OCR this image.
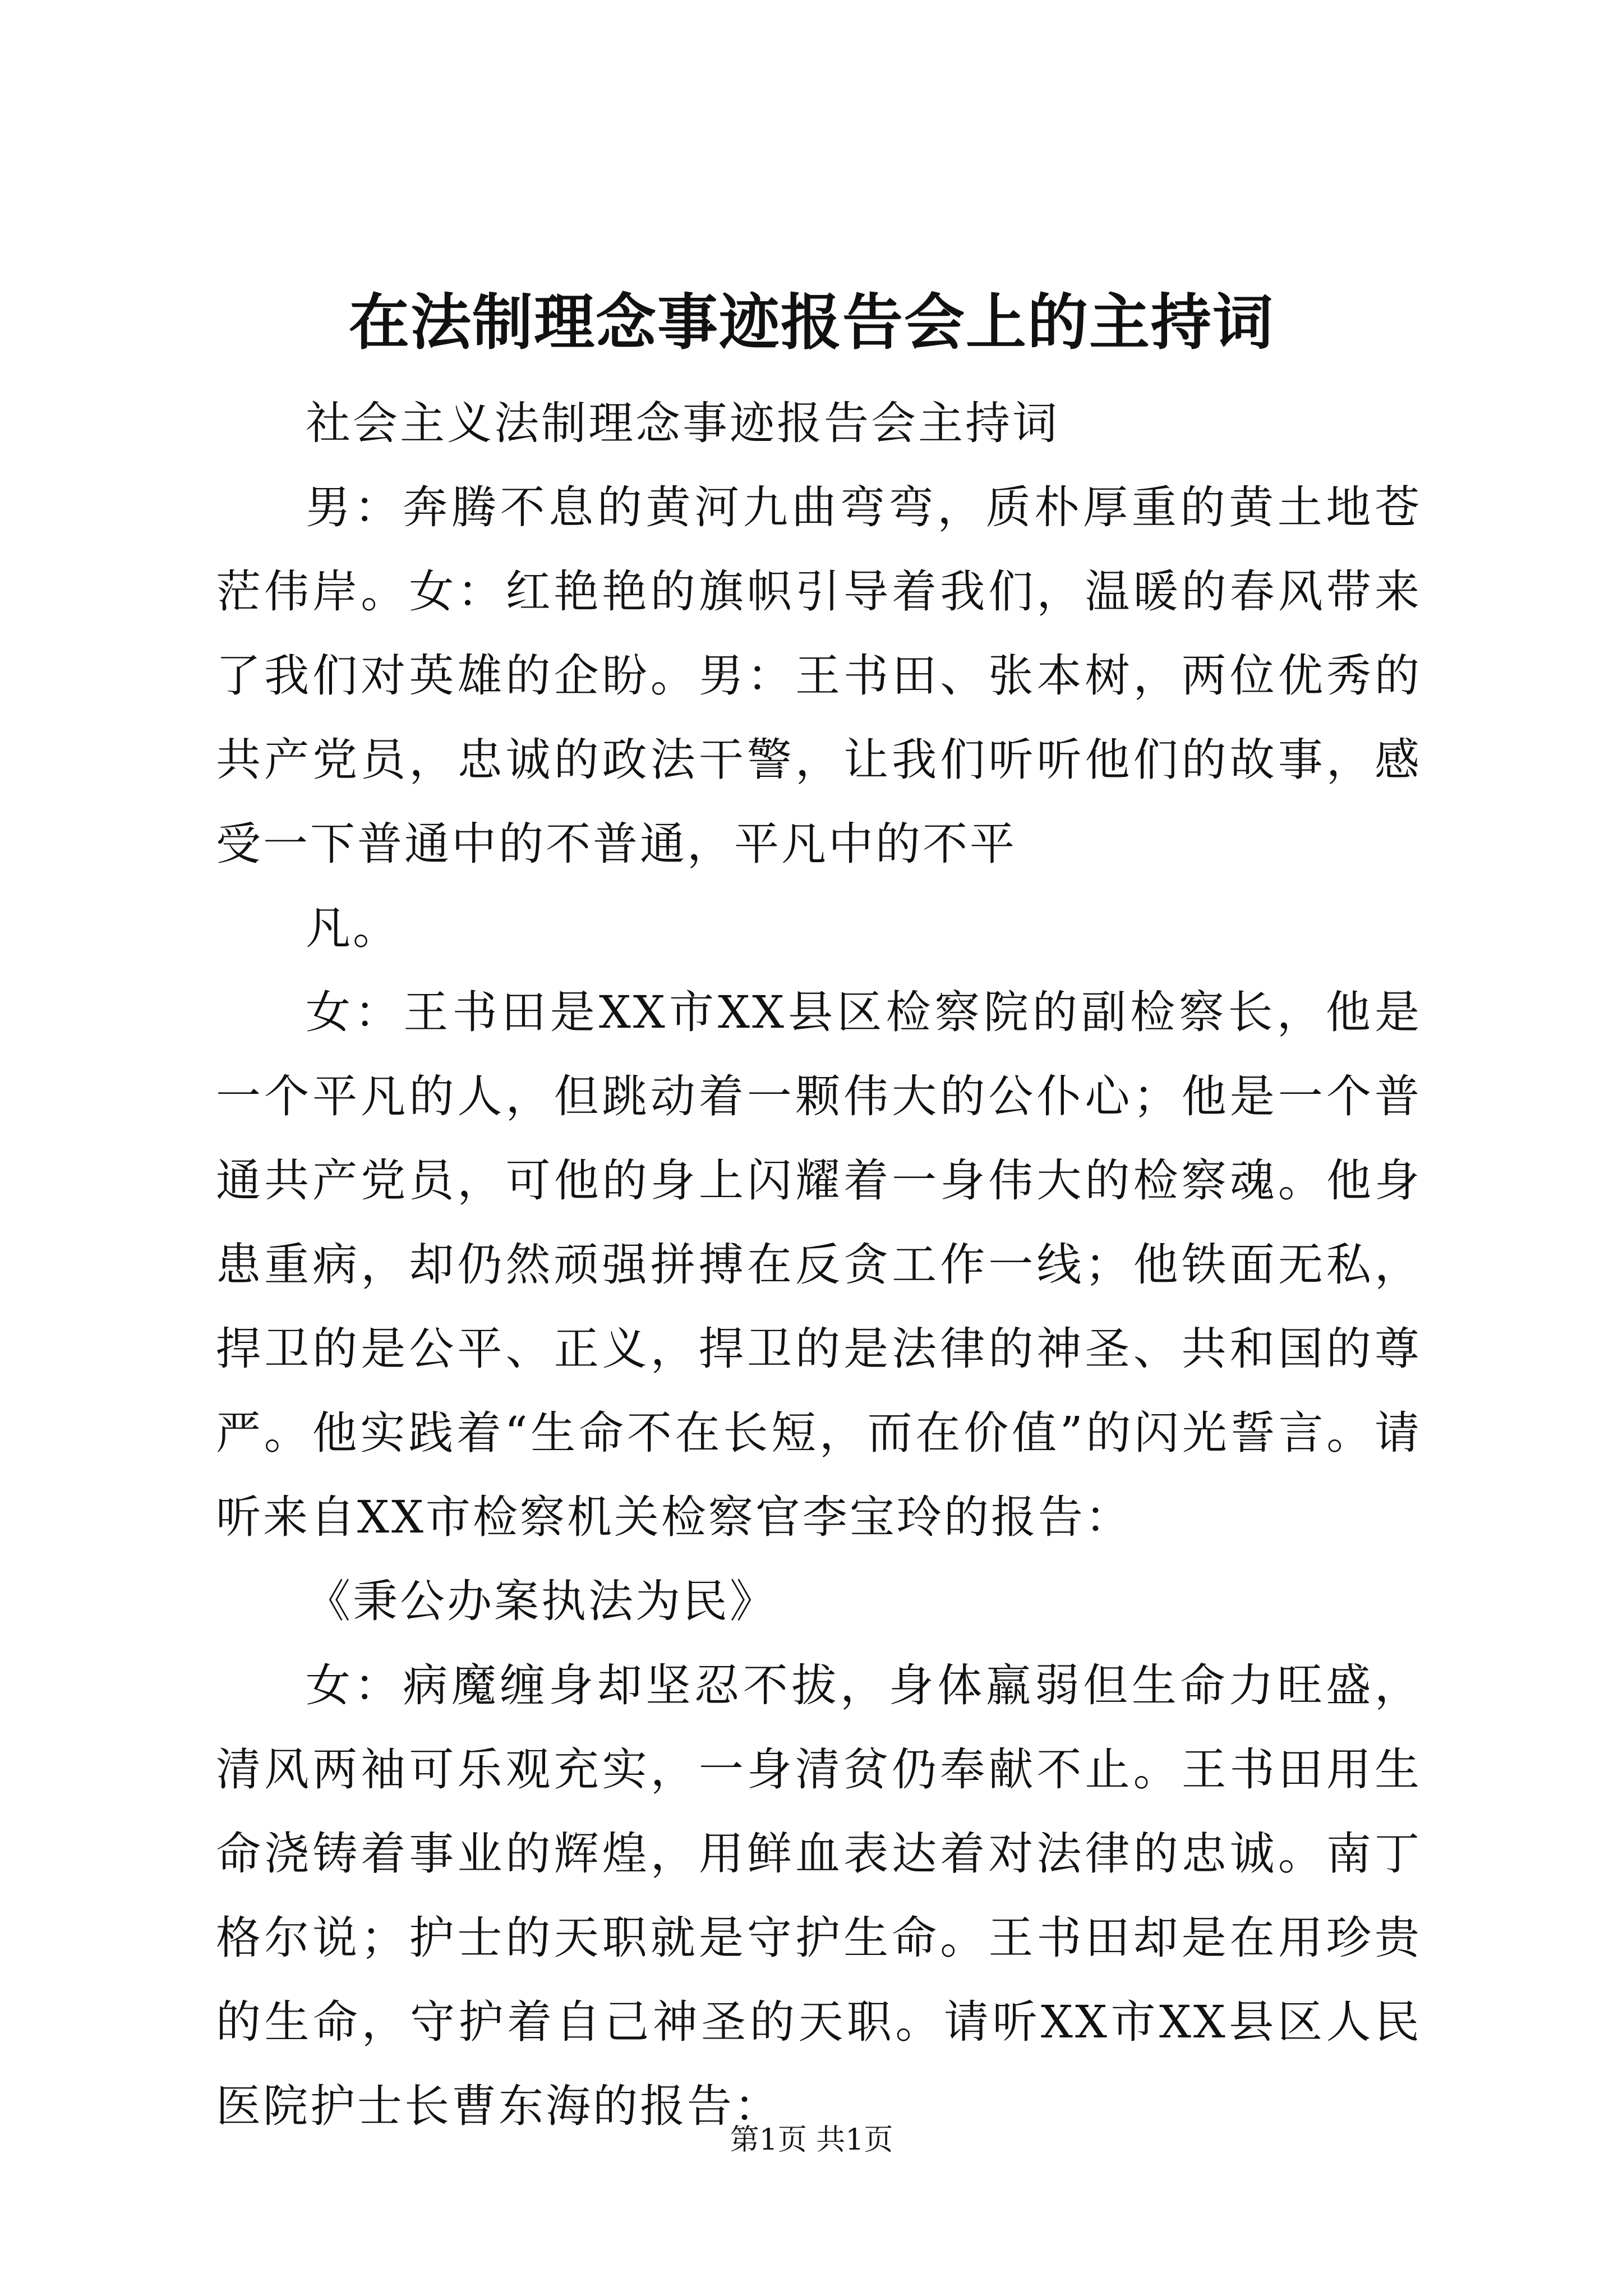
在法制理念事迹报告会上的主持词

社会主义法制理念事迹报告会主持词

男：奔腾不息的黄河九曲弯弯，质朴厚重的黄土地苍茫伟岸。女：红艳艳的旗帜引导着我们，温暖的春风带来了我们对英雄的企盼。男：王书田、张本树，两位优秀的共产党员，忠诚的政法干警，让我们听听他们的故事，感受一下普通中的不普通，平凡中的不平

凡。

女：王书田是XX市XX县区检察院的副检察长，他是一个平凡的人，但跳动着一颗伟大的公仆心；他是一个普通共产党员，可他的身上闪耀着一身伟大的检察魂。他身患重病，却仍然顽强拼搏在反贪工作一线；他铁面无私，捍卫的是公平、正义，捍卫的是法律的神圣、共和国的尊严。他实践着“生命不在长短，而在价值”的闪光誓言。请听来自XX市检察机关检察官李宝玲的报告：

《秉公办案执法为民》

女：病魔缠身却坚忍不拔，身体羸弱但生命力旺盛，清风两袖可乐观充实，一身清贫仍奉献不止。王书田用生命浇铸着事业的辉煌，用鲜血表达着对法律的忠诚。南丁格尔说；护士的天职就是守护生命。王书田却是在用珍贵的生命，守护着自己神圣的天职。请听XX市XX县区人民医院护士长曹东海的报告：

第1页 共1页
